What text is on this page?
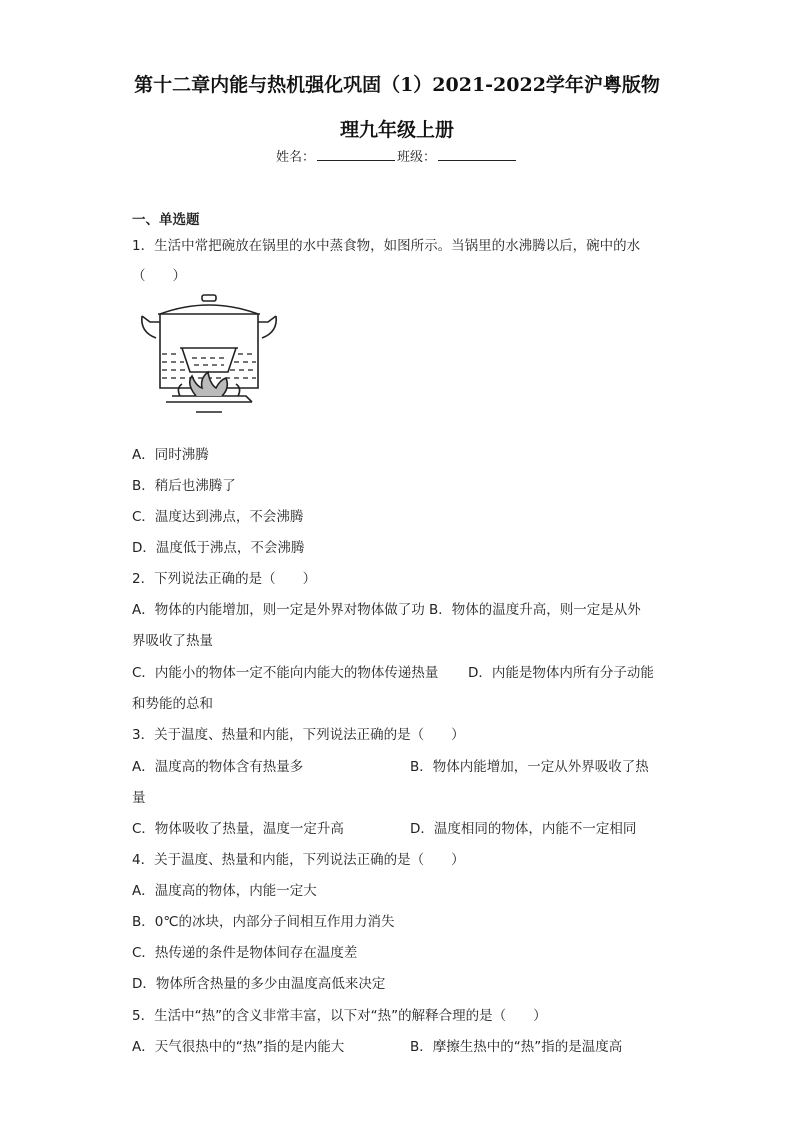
第十二章内能与热机强化巩固（1）2021-2022学年沪粤版物
理九年级上册
姓名：	班级：
一、单选题
1．生活中常把碗放在锅里的水中蒸食物，如图所示。当锅里的水沸腾以后，碗中的水
（　　）
A．同时沸腾
B．稍后也沸腾了
C．温度达到沸点，不会沸腾
D．温度低于沸点，不会沸腾
2．下列说法正确的是（　　）
A．物体的内能增加，则一定是外界对物体做了功 B．物体的温度升高，则一定是从外
界吸收了热量
C．内能小的物体一定不能向内能大的物体传递热量 D．内能是物体内所有分子动能
和势能的总和
3．关于温度、热量和内能，下列说法正确的是（　　）
A．温度高的物体含有热量多	B．物体内能增加，一定从外界吸收了热
量
C．物体吸收了热量，温度一定升高	D．温度相同的物体，内能不一定相同
4．关于温度、热量和内能，下列说法正确的是（　　）
A．温度高的物体，内能一定大
B．0℃的冰块，内部分子间相互作用力消失
C．热传递的条件是物体间存在温度差
D．物体所含热量的多少由温度高低来决定
5．生活中“热”的含义非常丰富，以下对“热”的解释合理的是（　　）
A．天气很热中的“热”指的是内能大	B．摩擦生热中的“热”指的是温度高
